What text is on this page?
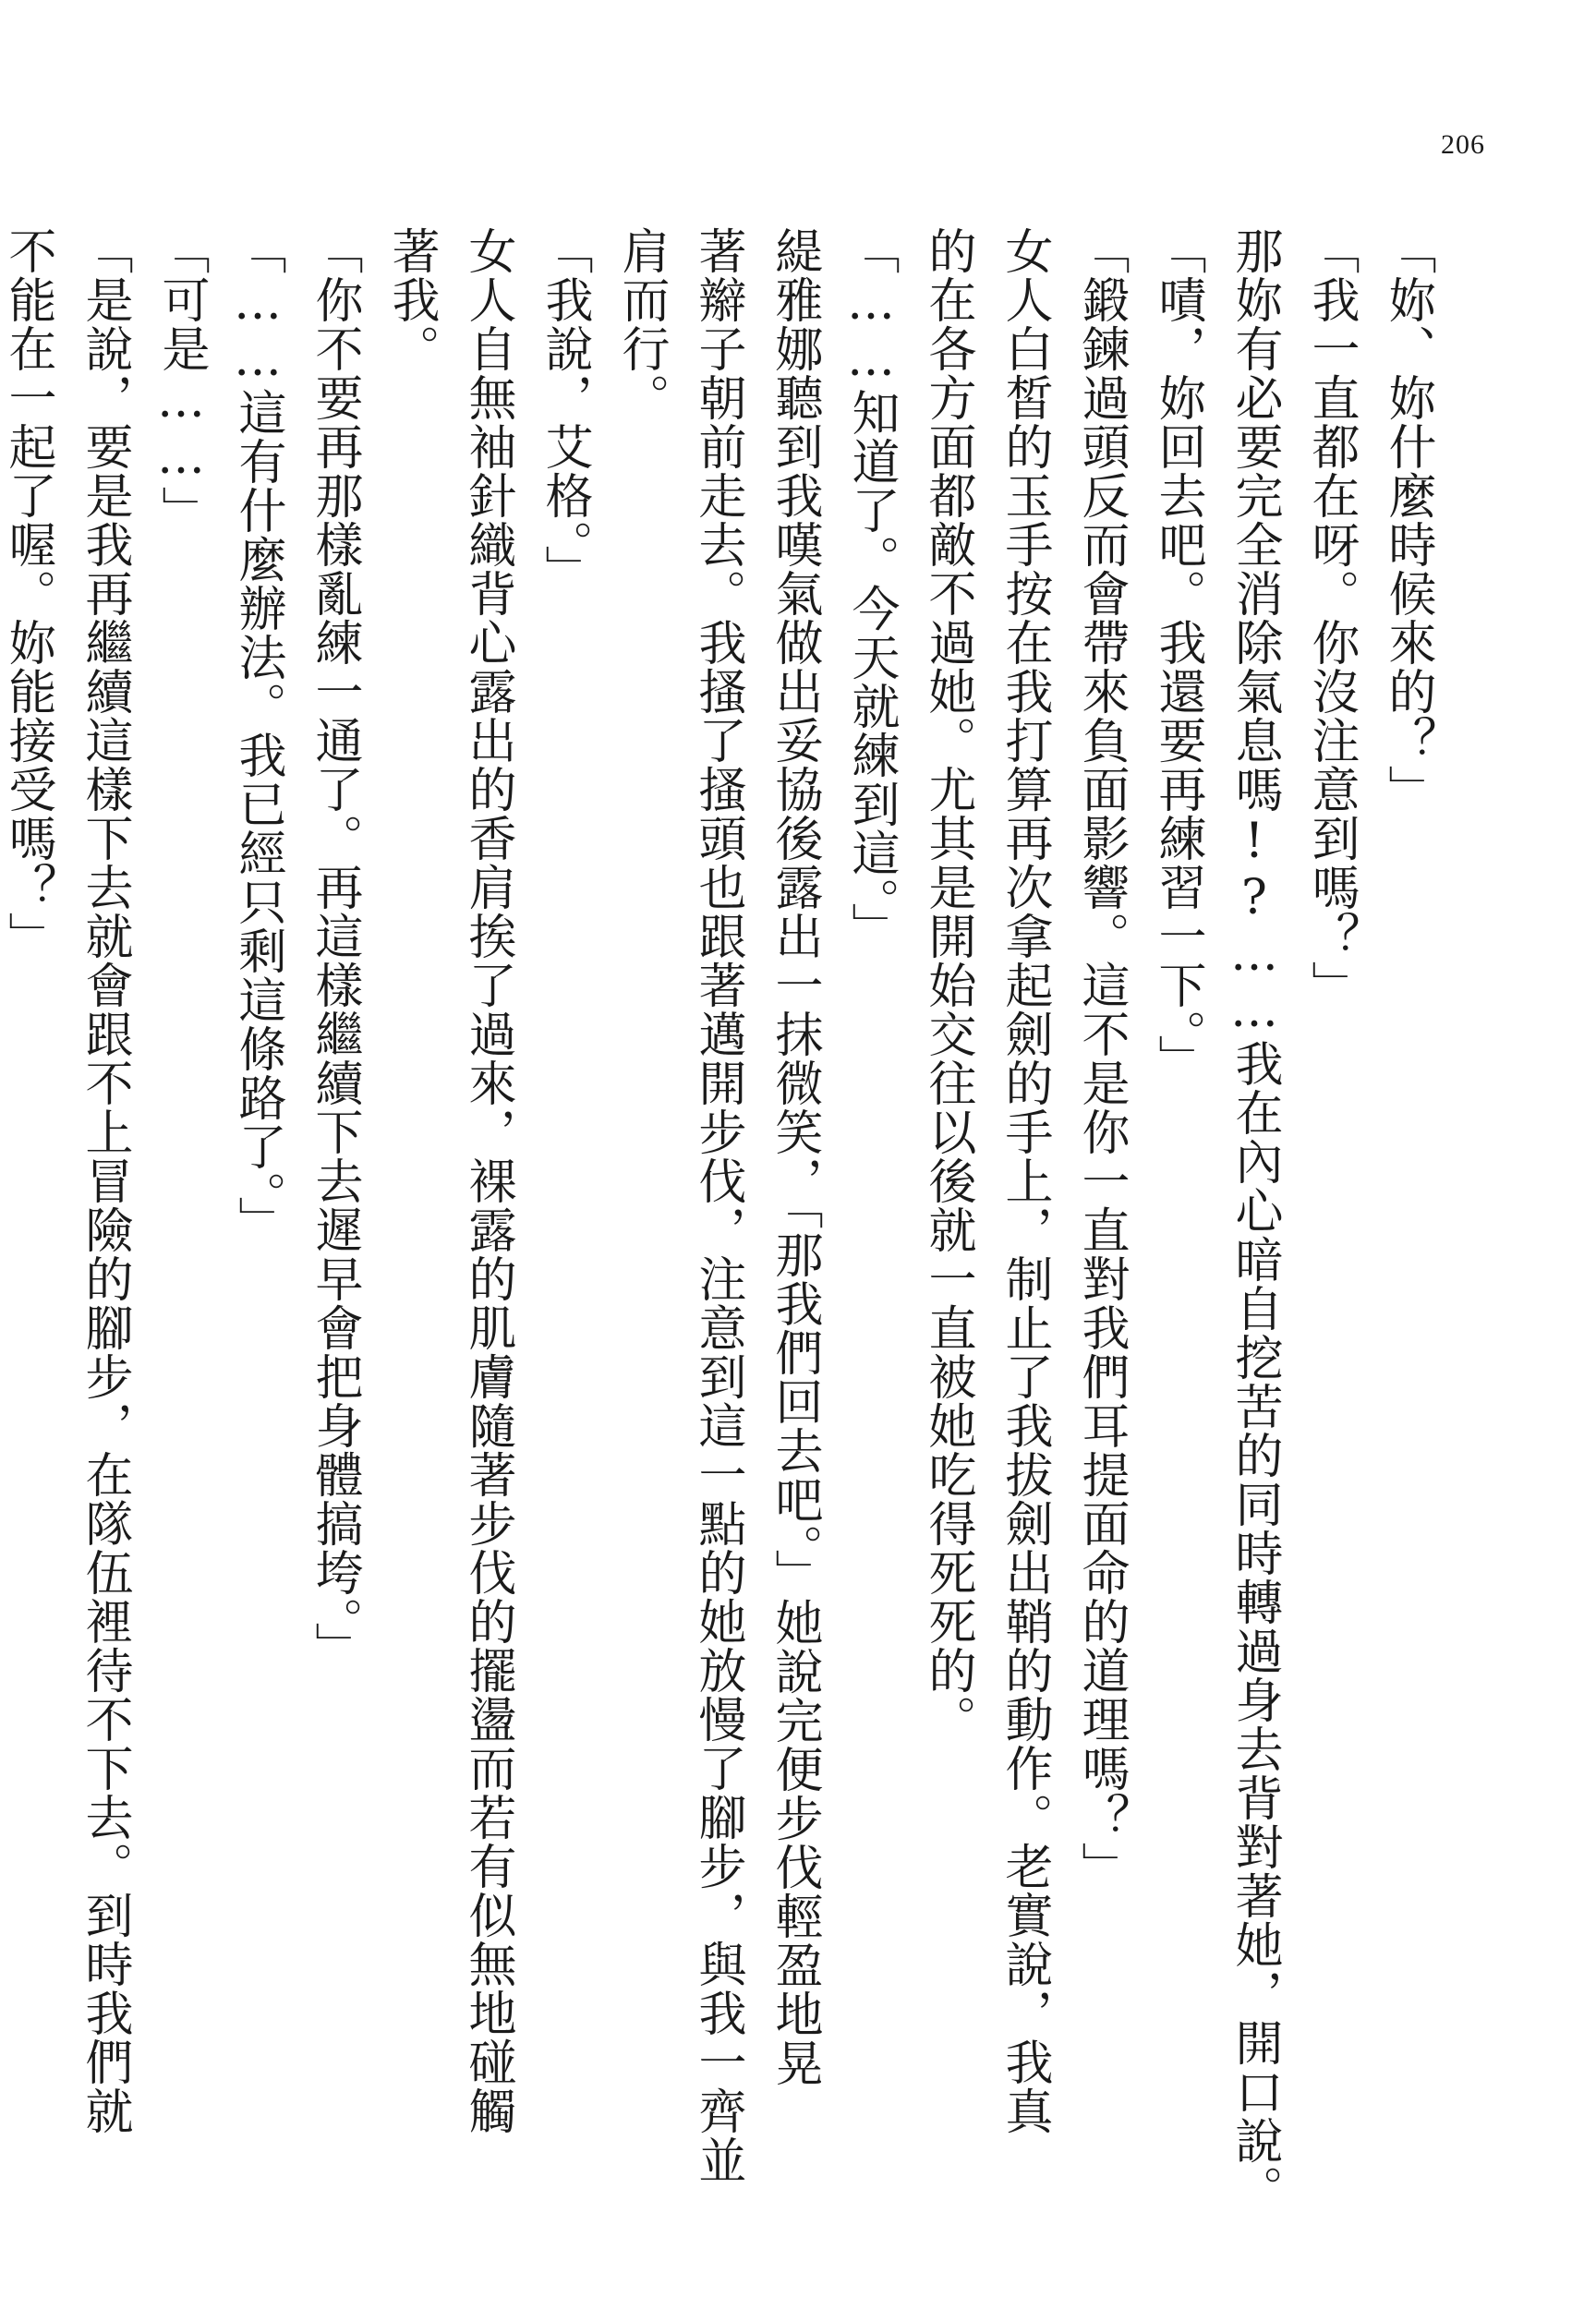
206
「妳、妳什麼時候來的？」
「我一直都在呀。你沒注意到嗎？」
那妳有必要完全消除氣息嗎!?……我在內心暗自挖苦的同時轉過身去背對著她，開口說。
「嘖，妳回去吧。我還要再練習一下。」
「鍛鍊過頭反而會帶來負面影響。這不是你一直對我們耳提面命的道理嗎？」
女人白皙的玉手按在我打算再次拿起劍的手上，制止了我拔劍出鞘的動作。老實說，我真
的在各方面都敵不過她。尤其是開始交往以後就一直被她吃得死死的。
「……知道了。今天就練到這。」
緹雅娜聽到我嘆氣做出妥協後露出一抹微笑，「那我們回去吧。」她說完便步伐輕盈地晃
著辮子朝前走去。我搔了搔頭也跟著邁開步伐，注意到這一點的她放慢了腳步，與我一齊並
肩而行。
「我說，艾格。」
女人自無袖針織背心露出的香肩挨了過來，裸露的肌膚隨著步伐的擺盪而若有似無地碰觸
著我。
「你不要再那樣亂練一通了。再這樣繼續下去遲早會把身體搞垮。」
「……這有什麼辦法。我已經只剩這條路了。」
「可是……」
「是說，要是我再繼續這樣下去就會跟不上冒險的腳步，在隊伍裡待不下去。到時我們就
不能在一起了喔。妳能接受嗎？」
